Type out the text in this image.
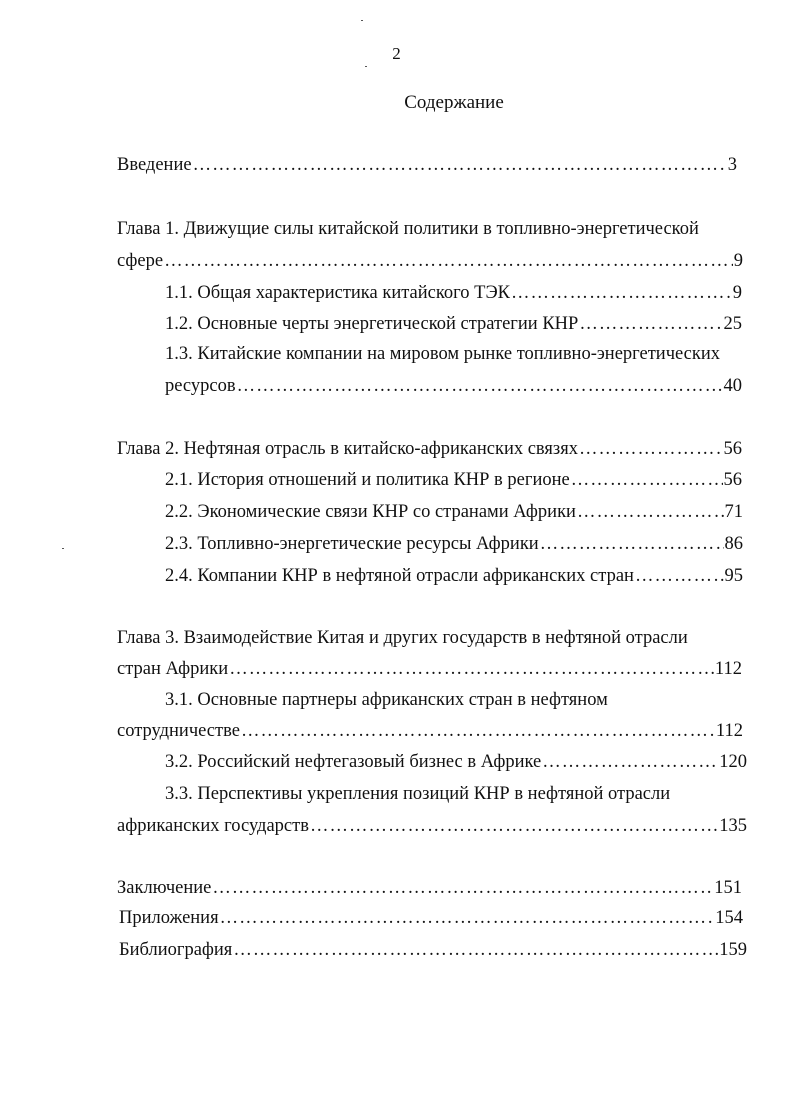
2
Содержание
Введение ……………………………………………………………………………………………………………………………………………………………………………………………………	3
Глава 1. Движущие силы китайской политики в топливно-энергетической
сфере ……………………………………………………………………………………………………………………………………………………………………………………………………	9
1.1. Общая характеристика китайского ТЭК ……………………………………………………………………………………………………………………………………………………………………………………………………	9
1.2. Основные черты энергетической стратегии КНР ……………………………………………………………………………………………………………………………………………………………………………………………………	25
1.3. Китайские компании на мировом рынке топливно-энергетических
ресурсов ……………………………………………………………………………………………………………………………………………………………………………………………………	40
Глава 2. Нефтяная отрасль в китайско-африканских связях ……………………………………………………………………………………………………………………………………………………………………………………………………	56
2.1. История отношений и политика КНР в регионе ……………………………………………………………………………………………………………………………………………………………………………………………………	56
2.2. Экономические связи КНР со странами Африки ……………………………………………………………………………………………………………………………………………………………………………………………………	71
2.3. Топливно-энергетические ресурсы Африки ……………………………………………………………………………………………………………………………………………………………………………………………………	86
2.4. Компании КНР в нефтяной отрасли африканских стран ……………………………………………………………………………………………………………………………………………………………………………………………………	95
Глава 3. Взаимодействие Китая и других государств в нефтяной отрасли
стран Африки ……………………………………………………………………………………………………………………………………………………………………………………………………	112
3.1. Основные партнеры африканских стран в нефтяном
сотрудничестве ……………………………………………………………………………………………………………………………………………………………………………………………………	112
3.2. Российский нефтегазовый бизнес в Африке ……………………………………………………………………………………………………………………………………………………………………………………………………	120
3.3. Перспективы укрепления позиций КНР в нефтяной отрасли
африканских государств ……………………………………………………………………………………………………………………………………………………………………………………………………	135
Заключение ……………………………………………………………………………………………………………………………………………………………………………………………………	151
Приложения ……………………………………………………………………………………………………………………………………………………………………………………………………	154
Библиография ……………………………………………………………………………………………………………………………………………………………………………………………………	159
